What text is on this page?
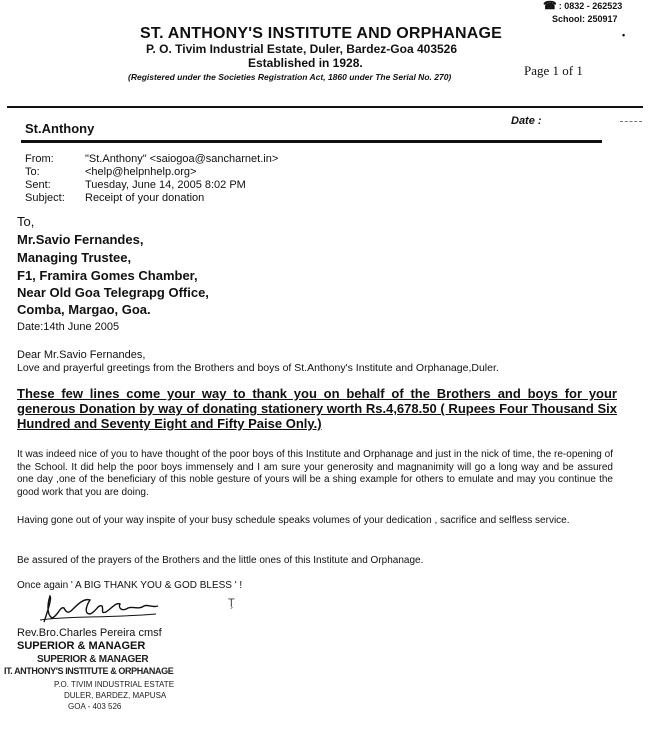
☎ : 0832 - 262523
School: 250917
•
ST. ANTHONY'S INSTITUTE AND ORPHANAGE
P. O. Tivim Industrial Estate, Duler, Bardez-Goa 403526
Established in 1928.
(Registered under the Societies Registration Act, 1860 under The Serial No. 270)	Page 1 of 1
St.Anthony	Date :
From:	"St.Anthony" <saiogoa@sancharnet.in>
To:	<help@helpnhelp.org>
Sent:	Tuesday, June 14, 2005 8:02 PM
Subject: Receipt of your donation
To,
Mr.Savio Fernandes,
Managing Trustee,
F1, Framira Gomes Chamber,
Near Old Goa Telegrapg Office,
Comba, Margao, Goa.
Date:14th June 2005
Dear Mr.Savio Fernandes,
Love and prayerful greetings from the Brothers and boys of St.Anthony's Institute and Orphanage,Duler.
These few lines come your way to thank you on behalf of the Brothers and boys for your generous Donation by way of donating stationery worth Rs.4,678.50 ( Rupees Four Thousand Six Hundred and Seventy Eight and Fifty Paise Only.)
It was indeed nice of you to have thought of the poor boys of this Institute and Orphanage and just in the nick of time, the re-opening of the School. It did help the poor boys immensely and I am sure your generosity and magnanimity will go a long way and be assured one day ,one of the beneficiary of this noble gesture of yours will be a shing example for others to emulate and may you continue the good work that you are doing.
Having gone out of your way inspite of your busy schedule speaks volumes of your dedication , sacrifice and selfless service.
Be assured of the prayers of the Brothers and the little ones of this Institute and Orphanage.
Once again ' A BIG THANK YOU & GOD BLESS ' !
Ţ
Rev.Bro.Charles Pereira cmsf
SUPERIOR & MANAGER
SUPERIOR & MANAGER
IT. ANTHONY'S INSTITUTE & ORPHANAGE
P.O. TIVIM INDUSTRIAL ESTATE
DULER, BARDEZ, MAPUSA
GOA - 403 526
